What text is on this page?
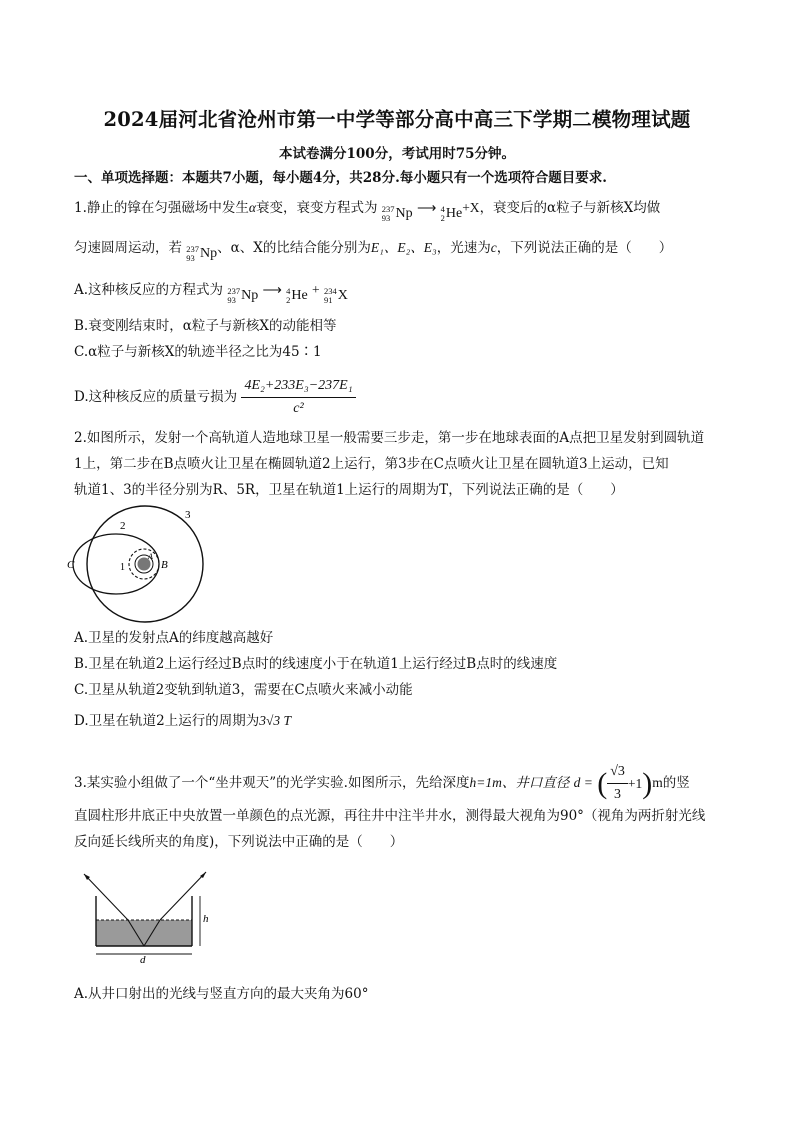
2024届河北省沧州市第一中学等部分高中高三下学期二模物理试题
本试卷满分100分，考试用时75分钟。
一、单项选择题：本题共7小题，每小题4分，共28分.每小题只有一个选项符合题目要求.
1.静止的镎在匀强磁场中发生α衰变，衰变方程式为 237
93 Np ⟶ 4
2 He +X，衰变后的α粒子与新核X均做
匀速圆周运动，若 237
93 Np 、α、X的比结合能分别为E₁、E₂、E₃，光速为c，下列说法正确的是（　　）
A.这种核反应的方程式为 237
93 Np ⟶ 4
2 He + 234
91 X
B.衰变刚结束时，α粒子与新核X的动能相等
C.α粒子与新核X的轨迹半径之比为45∶1
D.这种核反应的质量亏损为 $\frac{\text{4E₂+233E₃−237E₁}}{\text{c²}}$
2.如图所示，发射一个高轨道人造地球卫星一般需要三步走，第一步在地球表面的A点把卫星发射到圆轨道
1上，第二步在B点喷火让卫星在椭圆轨道2上运行，第3步在C点喷火让卫星在圆轨道3上运动，已知
轨道1、3的半径分别为R、5R，卫星在轨道1上运行的周期为T，下列说法正确的是（　　）
2
3
C	B
1
A
A.卫星的发射点A的纬度越高越好
B.卫星在轨道2上运行经过B点时的线速度小于在轨道1上运行经过B点时的线速度
C.卫星从轨道2变轨到轨道3，需要在C点喷火来减小动能
D.卫星在轨道2上运行的周期为3√3 T
3.某实验小组做了一个“坐井观天”的光学实验.如图所示，先给深度h=1m、井口直径 d = ( $\frac{√3}{3} +1$ ) m的竖
直圆柱形井底正中央放置一单颜色的点光源，再往井中注半井水，测得最大视角为90°（视角为两折射光线
反向延长线所夹的角度)，下列说法中正确的是（　　）
h
d
A.从井口射出的光线与竖直方向的最大夹角为60°
